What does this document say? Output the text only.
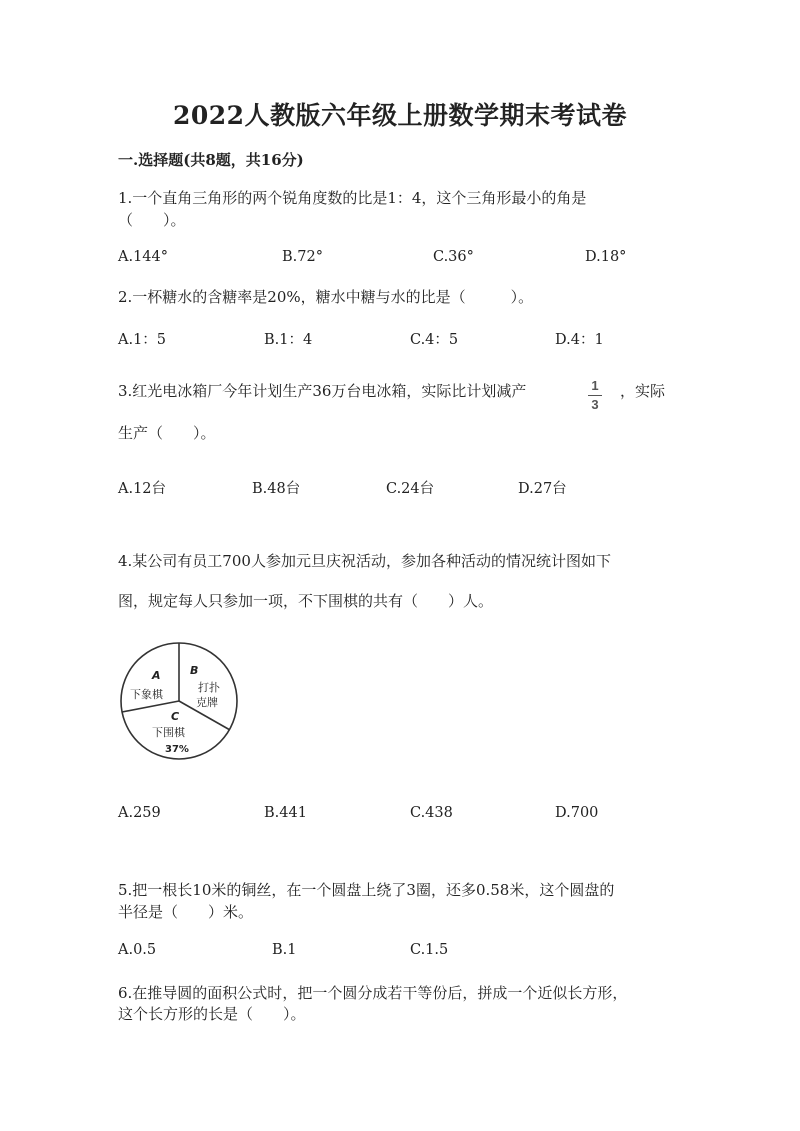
2022人教版六年级上册数学期末考试卷
一.选择题(共8题，共16分)
1.一个直角三角形的两个锐角度数的比是1：4，这个三角形最小的角是
（　　）。
A.144°	B.72°	C.36°	D.18°
2.一杯糖水的含糖率是20%，糖水中糖与水的比是（　　　）。
A.1：5	B.1：4	C.4：5	D.4：1
3.红光电冰箱厂今年计划生产36万台电冰箱，实际比计划减产	1
3
，实际
生产（　　）。
A.12台	B.48台	C.24台	D.27台
4.某公司有员工700人参加元旦庆祝活动，参加各种活动的情况统计图如下
图，规定每人只参加一项，不下围棋的共有（　　）人。
A
下象棋
B
打扑
克牌
C
下围棋
37%
A.259	B.441	C.438	D.700
5.把一根长10米的铜丝，在一个圆盘上绕了3圈，还多0.58米，这个圆盘的
半径是（　　）米。
A.0.5	B.1	C.1.5
6.在推导圆的面积公式时，把一个圆分成若干等份后，拼成一个近似长方形，
这个长方形的长是（　　）。
